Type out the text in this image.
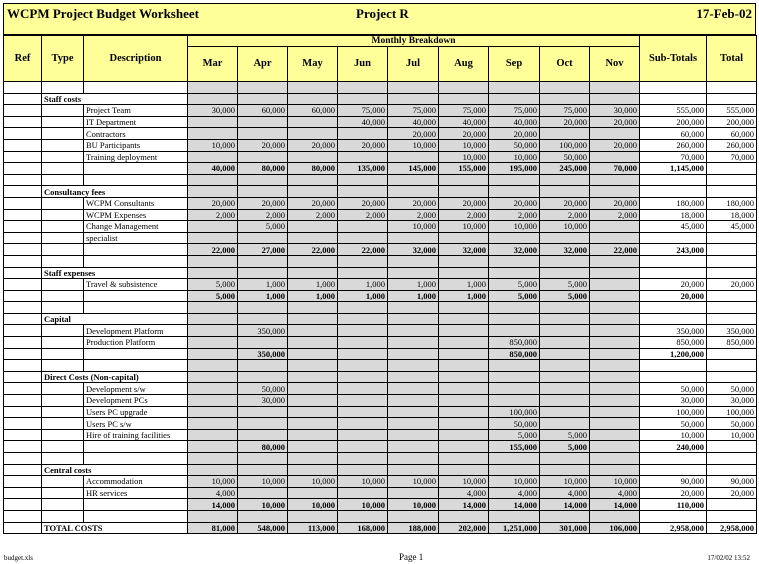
WCPM Project Budget Worksheet	Project R	17-Feb-02
Ref	Type	Description	Monthly Breakdown									Sub-Totals	Total
			Mar	Apr	May	Jun	Jul	Aug	Sep	Oct	Nov		

	Staff costs												
		Project Team	30,000	60,000	60,000	75,000	75,000	75,000	75,000	75,000	30,000	555,000	555,000
		IT Department				40,000	40,000	40,000	40,000	20,000	20,000	200,000	200,000
		Contractors					20,000	20,000	20,000			60,000	60,000
		BU Participants	10,000	20,000	20,000	20,000	10,000	10,000	50,000	100,000	20,000	260,000	260,000
		Training deployment						10,000	10,000	50,000		70,000	70,000
			40,000	80,000	80,000	135,000	145,000	155,000	195,000	245,000	70,000	1,145,000	

	Consultancy fees												
		WCPM Consultants	20,000	20,000	20,000	20,000	20,000	20,000	20,000	20,000	20,000	180,000	180,000
		WCPM Expenses	2,000	2,000	2,000	2,000	2,000	2,000	2,000	2,000	2,000	18,000	18,000
		Change Management		5,000			10,000	10,000	10,000	10,000		45,000	45,000
		specialist											
			22,000	27,000	22,000	22,000	32,000	32,000	32,000	32,000	22,000	243,000	

	Staff expenses												
		Travel & subsistence	5,000	1,000	1,000	1,000	1,000	1,000	5,000	5,000		20,000	20,000
			5,000	1,000	1,000	1,000	1,000	1,000	5,000	5,000		20,000	

	Capital												
		Development Platform		350,000								350,000	350,000
		Production Platform							850,000			850,000	850,000
				350,000					850,000			1,200,000	

	Direct Costs (Non-capital)												
		Development s/w		50,000								50,000	50,000
		Development PCs		30,000								30,000	30,000
		Users PC upgrade							100,000			100,000	100,000
		Users PC s/w							50,000			50,000	50,000
		Hire of training facilities							5,000	5,000		10,000	10,000
				80,000					155,000	5,000		240,000	

	Central costs												
		Accommodation	10,000	10,000	10,000	10,000	10,000	10,000	10,000	10,000	10,000	90,000	90,000
		HR services	4,000					4,000	4,000	4,000	4,000	20,000	20,000
			14,000	10,000	10,000	10,000	10,000	14,000	14,000	14,000	14,000	110,000	

	TOTAL COSTS		81,000	548,000	113,000	168,000	188,000	202,000	1,251,000	301,000	106,000	2,958,000	2,958,000
budget.xls	Page 1	17/02/02 13:52
